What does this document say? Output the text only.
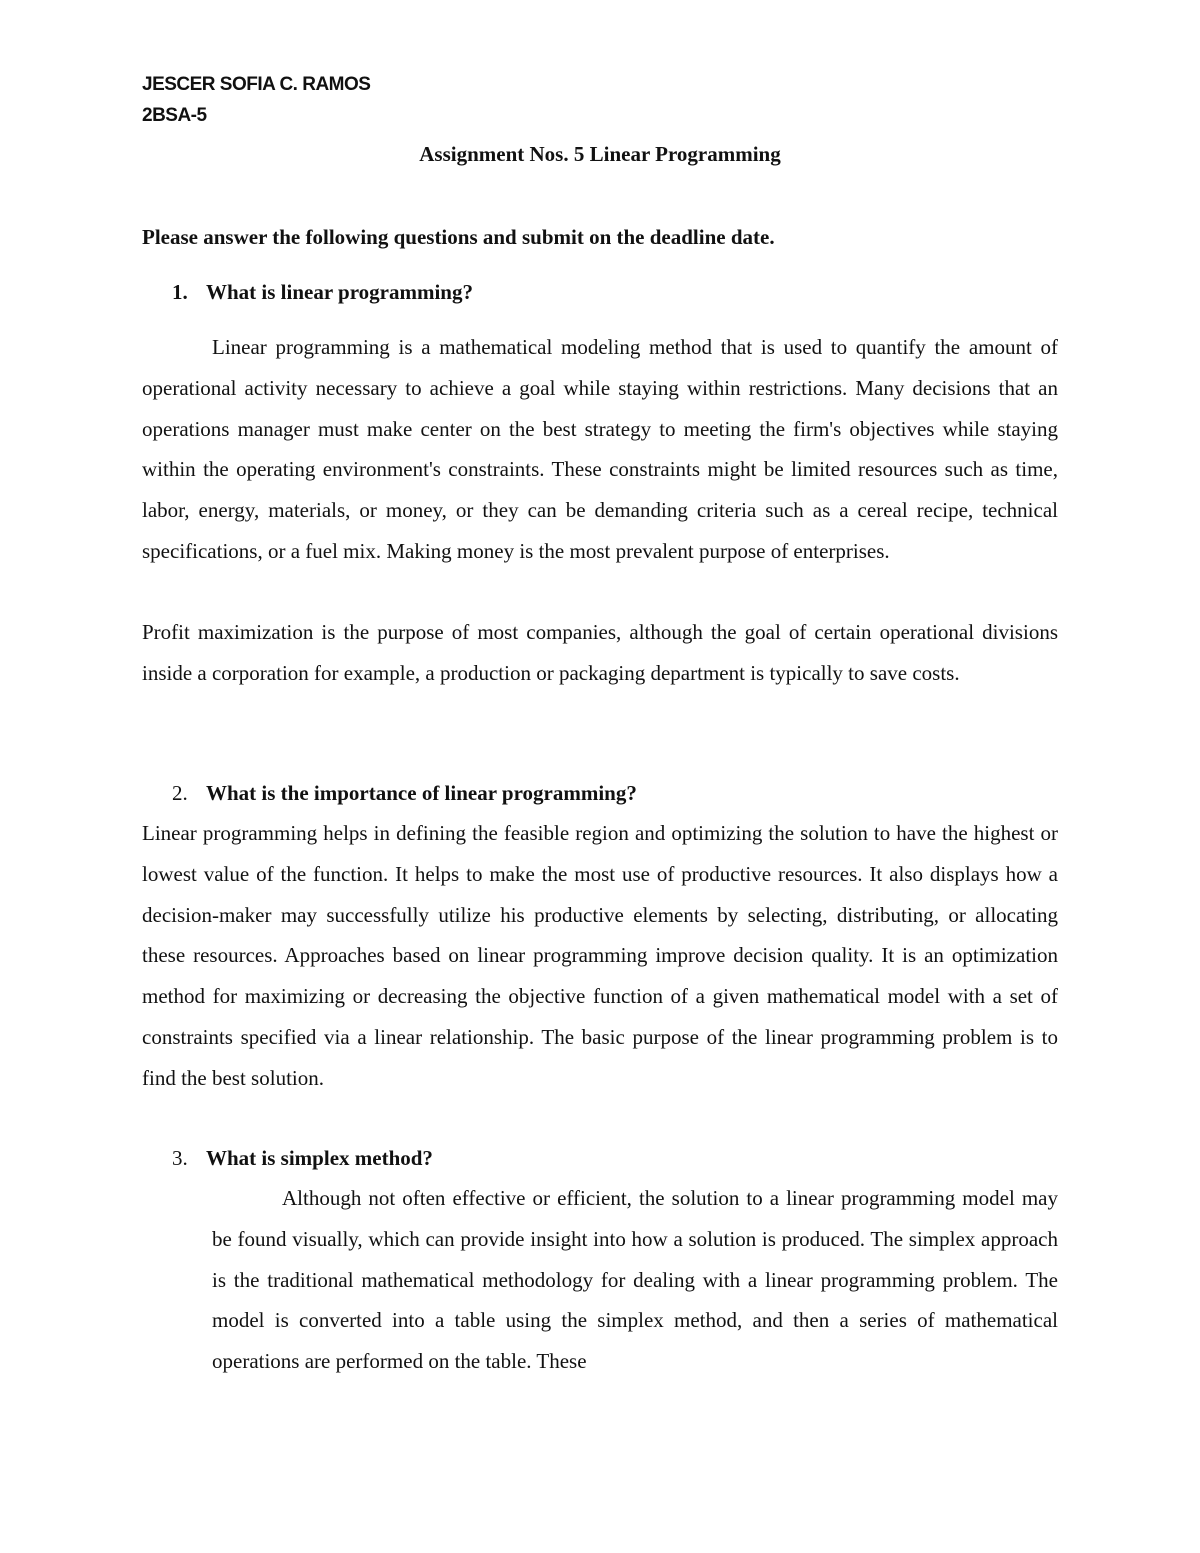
JESCER SOFIA C. RAMOS

2BSA-5

Assignment Nos. 5 Linear Programming

Please answer the following questions and submit on the deadline date.

1. What is linear programming?

Linear programming is a mathematical modeling method that is used to quantify the amount of operational activity necessary to achieve a goal while staying within restrictions. Many decisions that an operations manager must make center on the best strategy to meeting the firm's objectives while staying within the operating environment's constraints. These constraints might be limited resources such as time, labor, energy, materials, or money, or they can be demanding criteria such as a cereal recipe, technical specifications, or a fuel mix. Making money is the most prevalent purpose of enterprises.

Profit maximization is the purpose of most companies, although the goal of certain operational divisions inside a corporation for example, a production or packaging department is typically to save costs.

2. What is the importance of linear programming?

Linear programming helps in defining the feasible region and optimizing the solution to have the highest or lowest value of the function. It helps to make the most use of productive resources. It also displays how a decision-maker may successfully utilize his productive elements by selecting, distributing, or allocating these resources. Approaches based on linear programming improve decision quality. It is an optimization method for maximizing or decreasing the objective function of a given mathematical model with a set of constraints specified via a linear relationship. The basic purpose of the linear programming problem is to find the best solution.

3. What is simplex method?

Although not often effective or efficient, the solution to a linear programming model may be found visually, which can provide insight into how a solution is produced. The simplex approach is the traditional mathematical methodology for dealing with a linear programming problem. The model is converted into a table using the simplex method, and then a series of mathematical operations are performed on the table. These
